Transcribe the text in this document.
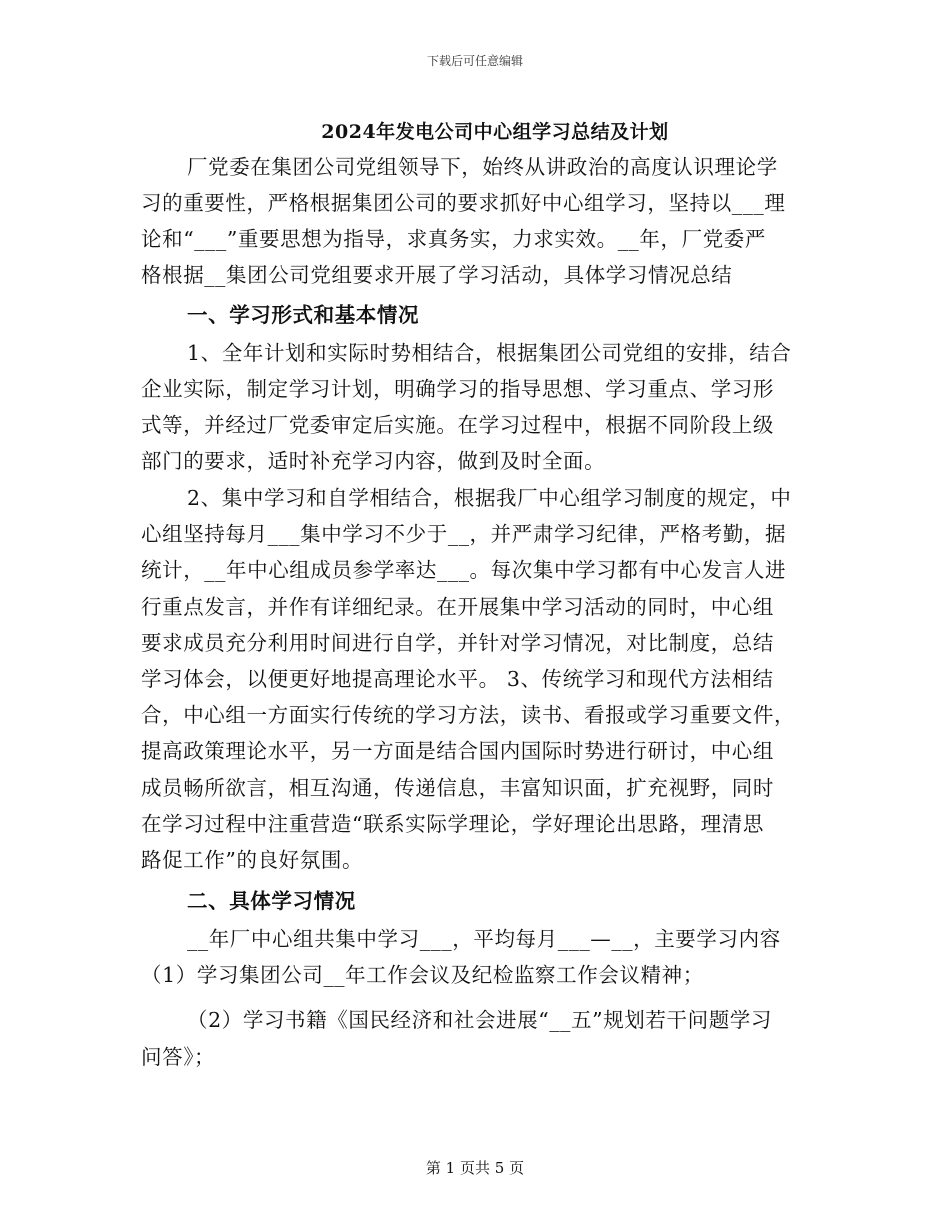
下载后可任意编辑
2024年发电公司中心组学习总结及计划
厂党委在集团公司党组领导下，始终从讲政治的高度认识理论学
习的重要性，严格根据集团公司的要求抓好中心组学习，坚持以___理
论和“___”重要思想为指导，求真务实，力求实效。__年，厂党委严
格根据__集团公司党组要求开展了学习活动，具体学习情况总结
一、学习形式和基本情况
1、全年计划和实际时势相结合，根据集团公司党组的安排，结合
企业实际，制定学习计划，明确学习的指导思想、学习重点、学习形
式等，并经过厂党委审定后实施。在学习过程中，根据不同阶段上级
部门的要求，适时补充学习内容，做到及时全面。
2、集中学习和自学相结合，根据我厂中心组学习制度的规定，中
心组坚持每月___集中学习不少于__，并严肃学习纪律，严格考勤，据
统计，__年中心组成员参学率达___。每次集中学习都有中心发言人进
行重点发言，并作有详细纪录。在开展集中学习活动的同时，中心组
要求成员充分利用时间进行自学，并针对学习情况，对比制度，总结
学习体会，以便更好地提高理论水平。 3、传统学习和现代方法相结
合，中心组一方面实行传统的学习方法，读书、看报或学习重要文件，
提高政策理论水平，另一方面是结合国内国际时势进行研讨，中心组
成员畅所欲言，相互沟通，传递信息，丰富知识面，扩充视野，同时
在学习过程中注重营造“联系实际学理论，学好理论出思路，理清思
路促工作”的良好氛围。
二、具体学习情况
__年厂中心组共集中学习___，平均每月___—__，主要学习内容
（1）学习集团公司__年工作会议及纪检监察工作会议精神；
（2）学习书籍《国民经济和社会进展“__五”规划若干问题学习
问答》；
第 1 页共 5 页
